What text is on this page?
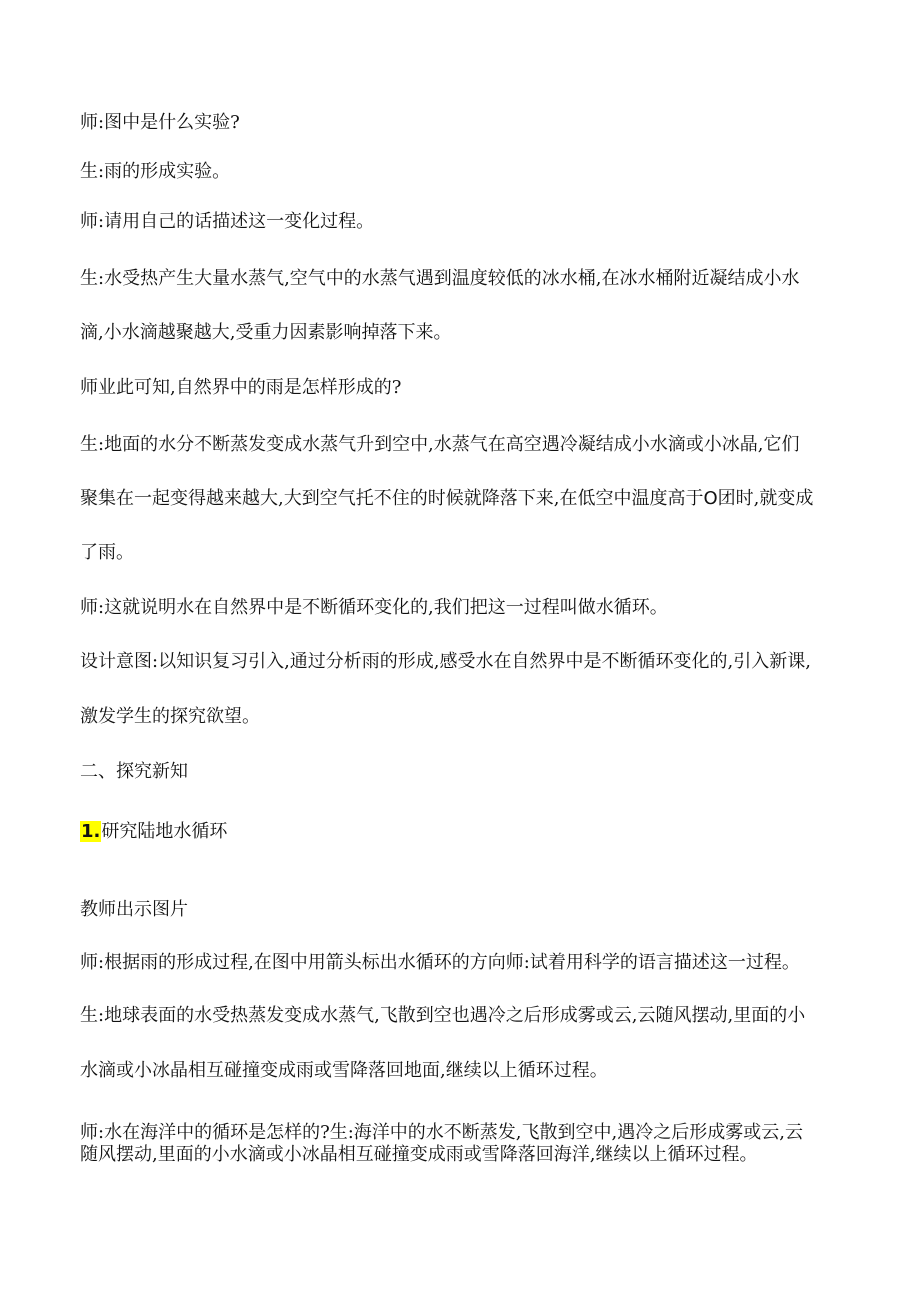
师:图中是什么实验?
生:雨的形成实验。
师:请用自己的话描述这一变化过程。
生:水受热产生大量水蒸气,空气中的水蒸气遇到温度较低的冰水桶,在冰水桶附近凝结成小水
滴,小水滴越聚越大,受重力因素影响掉落下来。
师业此可知,自然界中的雨是怎样形成的?
生:地面的水分不断蒸发变成水蒸气升到空中,水蒸气在高空遇冷凝结成小水滴或小冰晶,它们
聚集在一起变得越来越大,大到空气托不住的时候就降落下来,在低空中温度高于O团时,就变成
了雨。
师:这就说明水在自然界中是不断循环变化的,我们把这一过程叫做水循环。
设计意图:以知识复习引入,通过分析雨的形成,感受水在自然界中是不断循环变化的,引入新课,
激发学生的探究欲望。
二、探究新知
1.研究陆地水循环
教师出示图片
师:根据雨的形成过程,在图中用箭头标出水循环的方向师:试着用科学的语言描述这一过程。
生:地球表面的水受热蒸发变成水蒸气,飞散到空也遇冷之后形成雾或云,云随风摆动,里面的小
水滴或小冰晶相互碰撞变成雨或雪降落回地面,继续以上循环过程。
师:水在海洋中的循环是怎样的?生:海洋中的水不断蒸发,飞散到空中,遇冷之后形成雾或云,云
随风摆动,里面的小水滴或小冰晶相互碰撞变成雨或雪降落回海洋,继续以上循环过程。
